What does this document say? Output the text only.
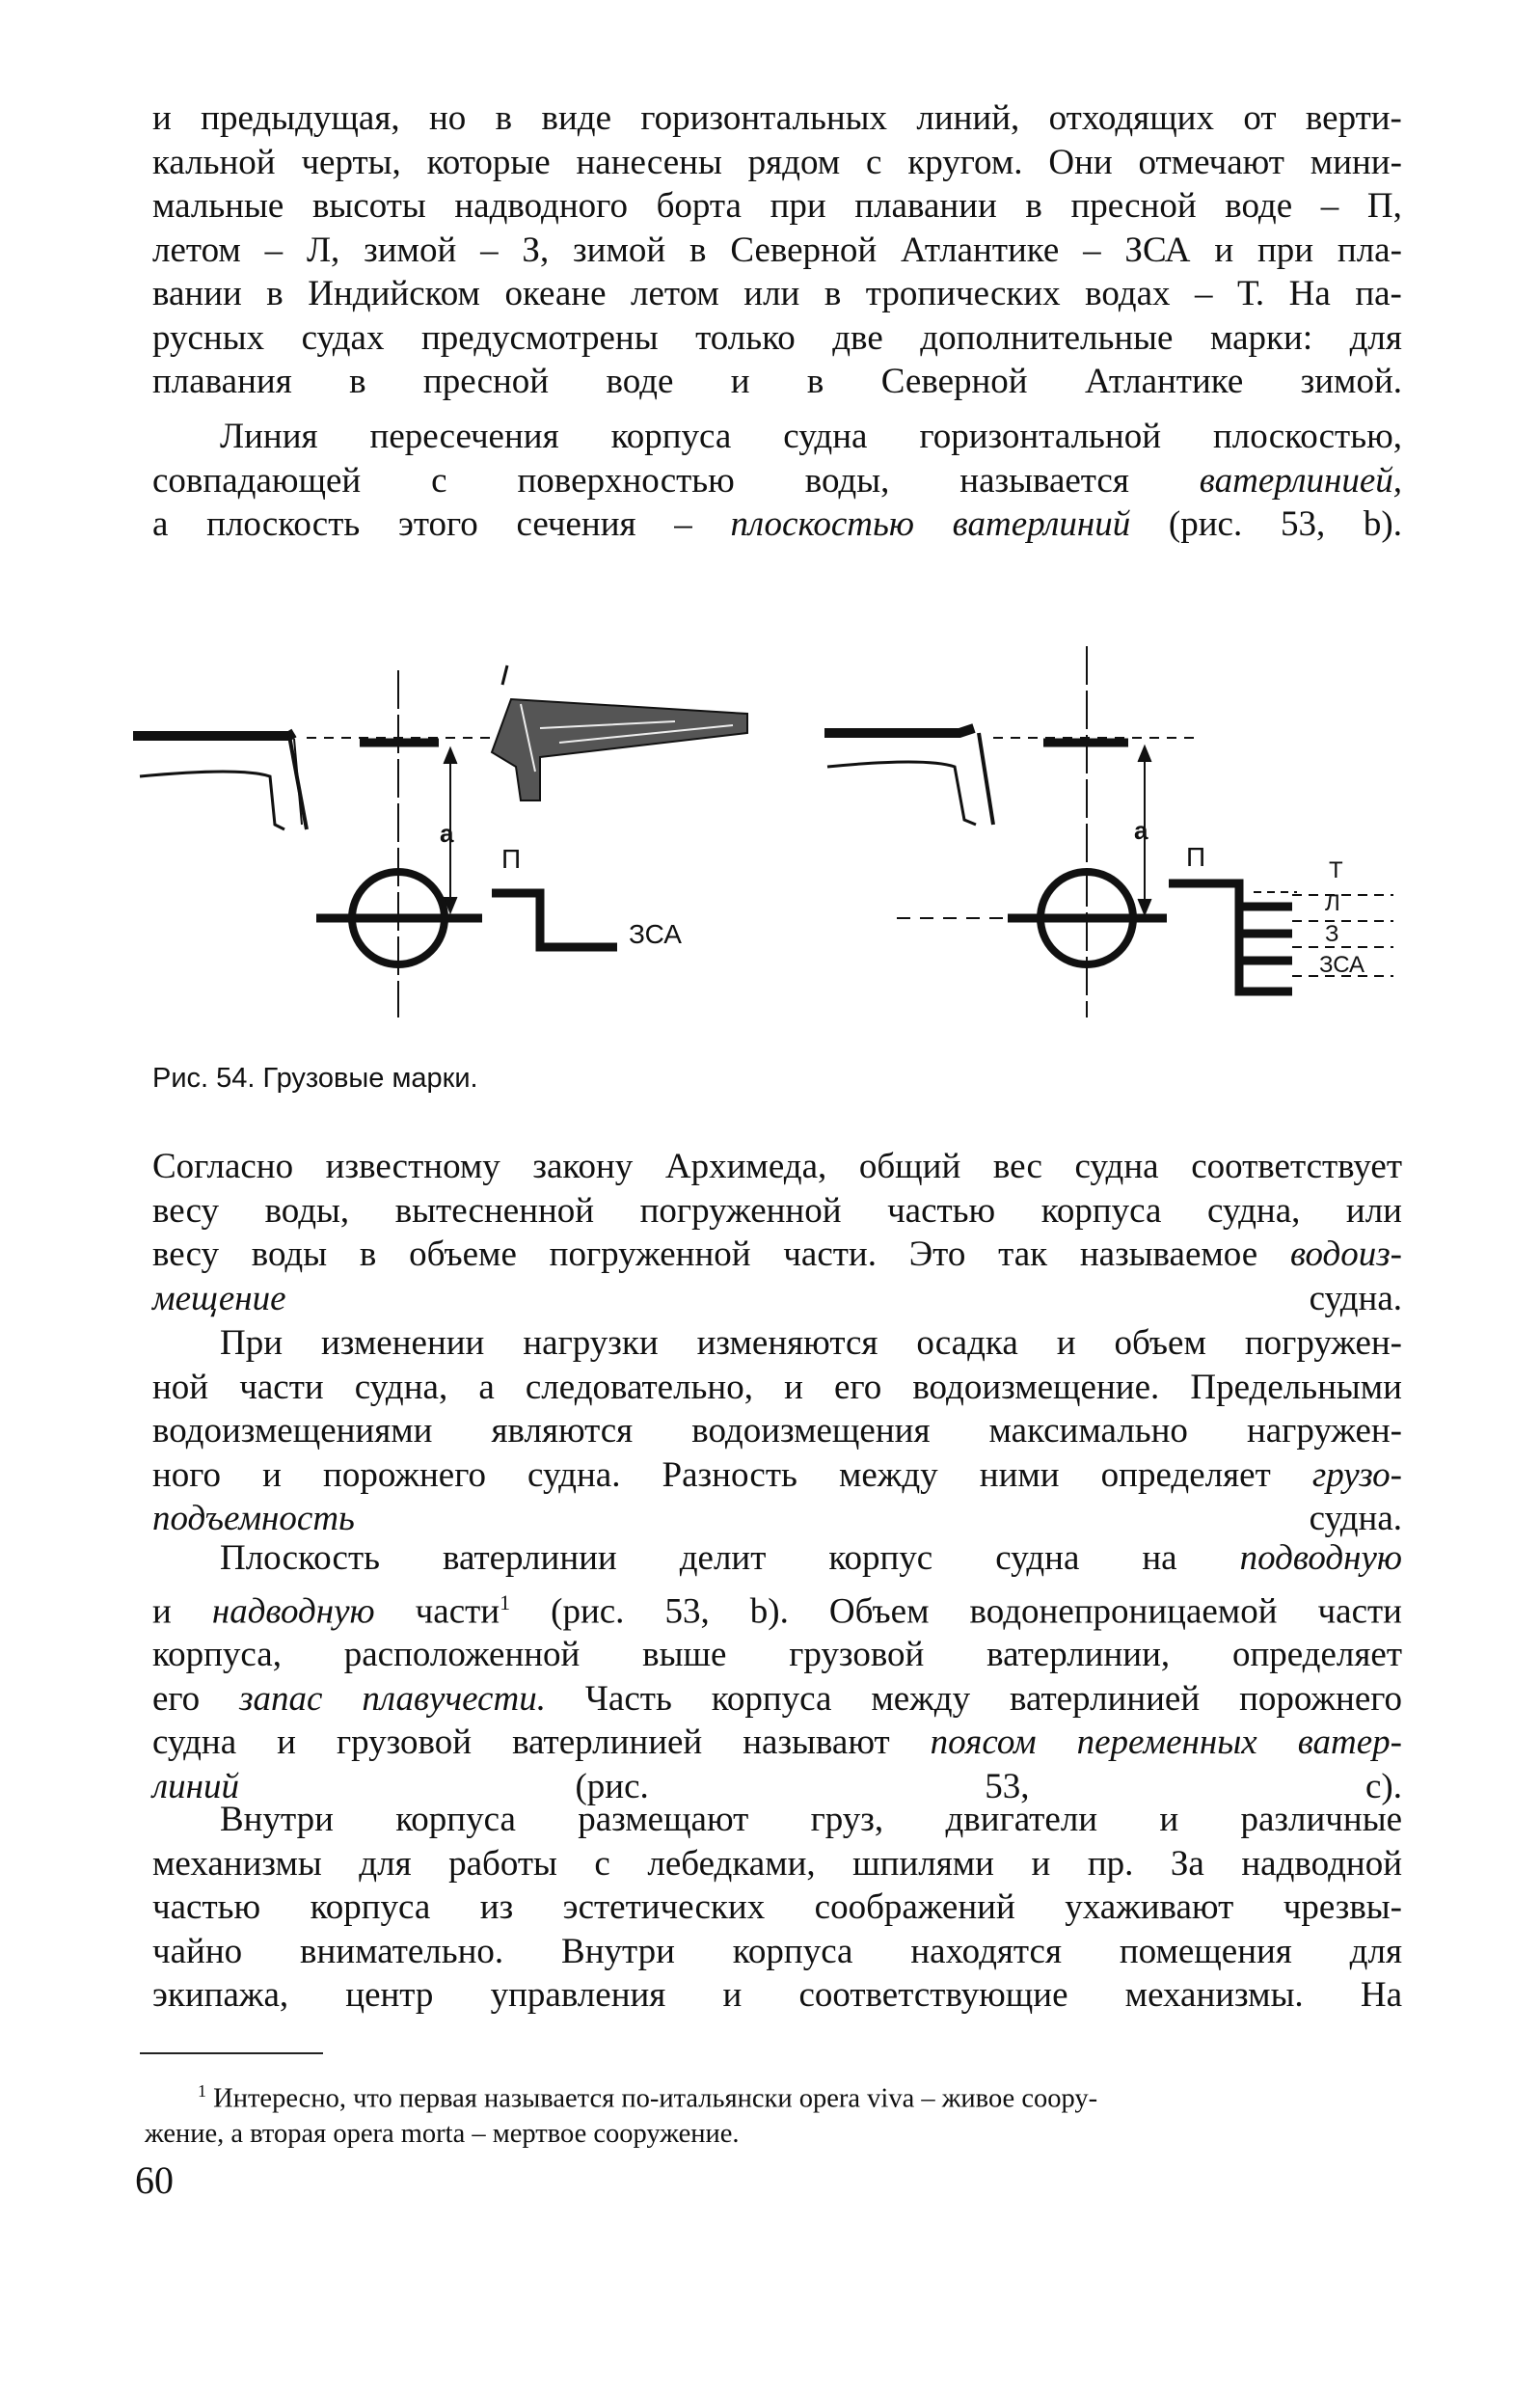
и предыдущая, но в виде горизонтальных линий, отходящих от верти-
кальной черты, которые нанесены рядом с кругом. Они отмечают мини-
мальные высоты надводного борта при плавании в пресной воде – П,
летом – Л, зимой – З, зимой в Северной Атлантике – ЗСА и при пла-
вании в Индийском океане летом или в тропических водах – Т. На па-
русных судах предусмотрены только две дополнительные марки: для
плавания в пресной воде и в Северной Атлантике зимой.
Линия пересечения корпуса судна горизонтальной плоскостью,
совпадающей с поверхностью воды, называется ватерлинией,
а плоскость этого сечения – плоскостью ватерлиний (рис. 53, b).
а
П
ЗСА
а
П	Т
Л
З
ЗСА
Рис. 54. Грузовые марки.
Согласно известному закону Архимеда, общий вес судна соответствует
весу воды, вытесненной погруженной частью корпуса судна, или
весу воды в объеме погруженной части. Это так называемое водоиз-
мещение судна.
При изменении нагрузки изменяются осадка и объем погружен-
ной части судна, а следовательно, и его водоизмещение. Предельными
водоизмещениями являются водоизмещения максимально нагружен-
ного и порожнего судна. Разность между ними определяет грузо-
подъемность судна.
Плоскость ватерлинии делит корпус судна на подводную
и надводную части$^1$ (рис. 53, b). Объем водонепроницаемой части
корпуса, расположенной выше грузовой ватерлинии, определяет
его запас плавучести. Часть корпуса между ватерлинией порожнего
судна и грузовой ватерлинией называют поясом переменных ватер-
линий (рис. 53, c).
Внутри корпуса размещают груз, двигатели и различные
механизмы для работы с лебедками, шпилями и пр. За надводной
частью корпуса из эстетических соображений ухаживают чрезвы-
чайно внимательно. Внутри корпуса находятся помещения для
экипажа, центр управления и соответствующие механизмы. На
$^1$ Интересно, что первая называется по-итальянски opera viva – живое соору-
жение, а вторая opera morta – мертвое сооружение.
60
